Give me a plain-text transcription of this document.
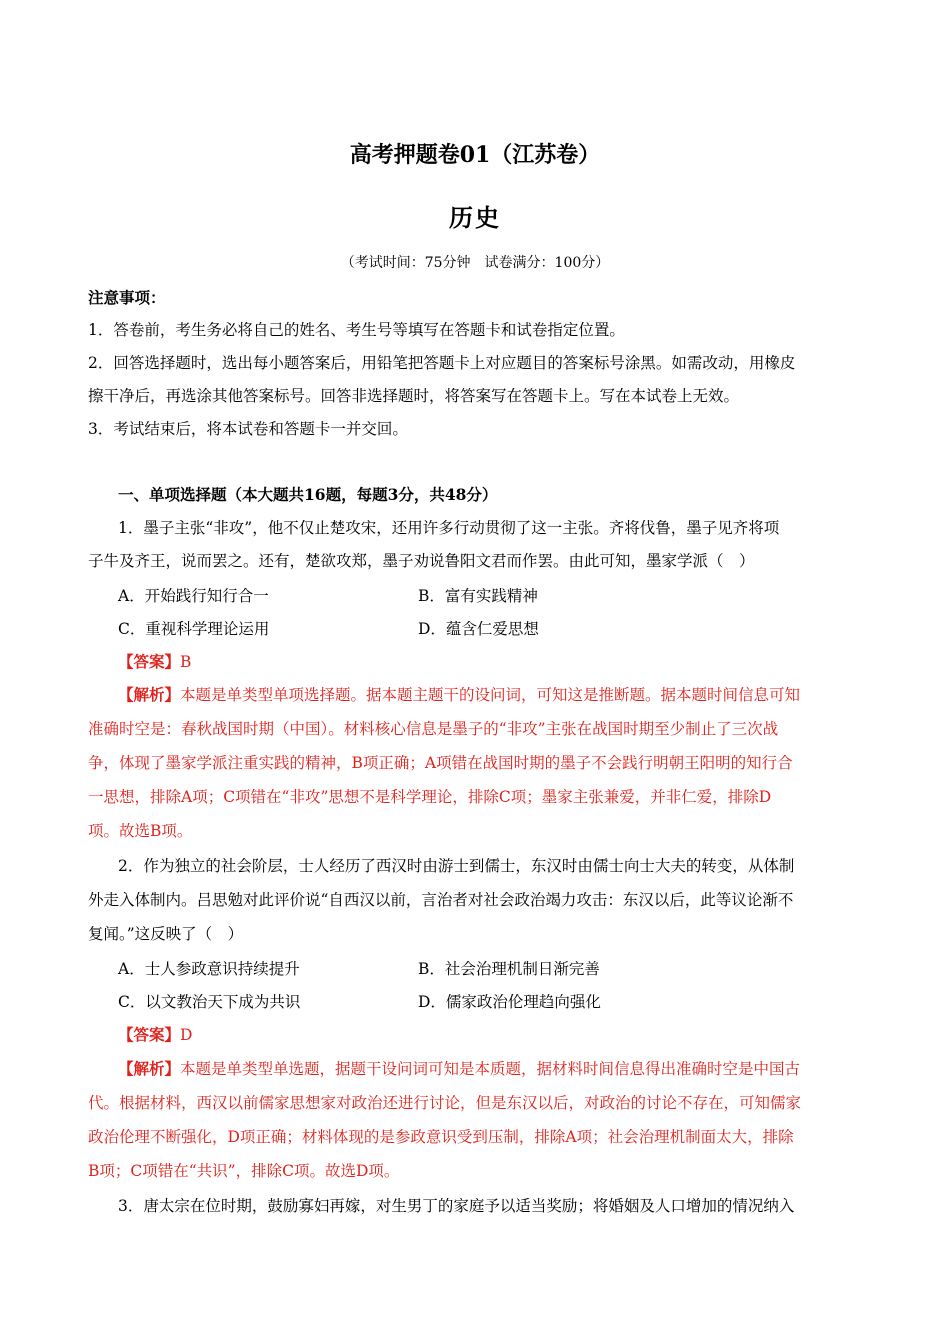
高考押题卷01（江苏卷）
历史
（考试时间：75分钟　试卷满分：100分）
注意事项：
1．答卷前，考生务必将自己的姓名、考生号等填写在答题卡和试卷指定位置。
2．回答选择题时，选出每小题答案后，用铅笔把答题卡上对应题目的答案标号涂黑。如需改动，用橡皮
擦干净后，再选涂其他答案标号。回答非选择题时，将答案写在答题卡上。写在本试卷上无效。
3．考试结束后，将本试卷和答题卡一并交回。
一、单项选择题（本大题共16题，每题3分，共48分）
1．墨子主张“非攻”，他不仅止楚攻宋，还用许多行动贯彻了这一主张。齐将伐鲁，墨子见齐将项
子牛及齐王，说而罢之。还有，楚欲攻郑，墨子劝说鲁阳文君而作罢。由此可知，墨家学派（　）
A．开始践行知行合一	B．富有实践精神
C．重视科学理论运用	D．蕴含仁爱思想
【答案】B
【解析】本题是单类型单项选择题。据本题主题干的设问词，可知这是推断题。据本题时间信息可知
准确时空是：春秋战国时期（中国）。材料核心信息是墨子的“非攻”主张在战国时期至少制止了三次战
争，体现了墨家学派注重实践的精神，B项正确；A项错在战国时期的墨子不会践行明朝王阳明的知行合
一思想，排除A项；C项错在“非攻”思想不是科学理论，排除C项；墨家主张兼爱，并非仁爱，排除D
项。故选B项。
2．作为独立的社会阶层，士人经历了西汉时由游士到儒士，东汉时由儒士向士大夫的转变，从体制
外走入体制内。吕思勉对此评价说“自西汉以前，言治者对社会政治竭力攻击：东汉以后，此等议论渐不
复闻。”这反映了（　）
A．士人参政意识持续提升	B．社会治理机制日渐完善
C．以文教治天下成为共识	D．儒家政治伦理趋向强化
【答案】D
【解析】本题是单类型单选题，据题干设问词可知是本质题，据材料时间信息得出准确时空是中国古
代。根据材料，西汉以前儒家思想家对政治还进行讨论，但是东汉以后，对政治的讨论不存在，可知儒家
政治伦理不断强化，D项正确；材料体现的是参政意识受到压制，排除A项；社会治理机制面太大，排除
B项；C项错在“共识”，排除C项。故选D项。
3．唐太宗在位时期，鼓励寡妇再嫁，对生男丁的家庭予以适当奖励；将婚姻及人口增加的情况纳入
